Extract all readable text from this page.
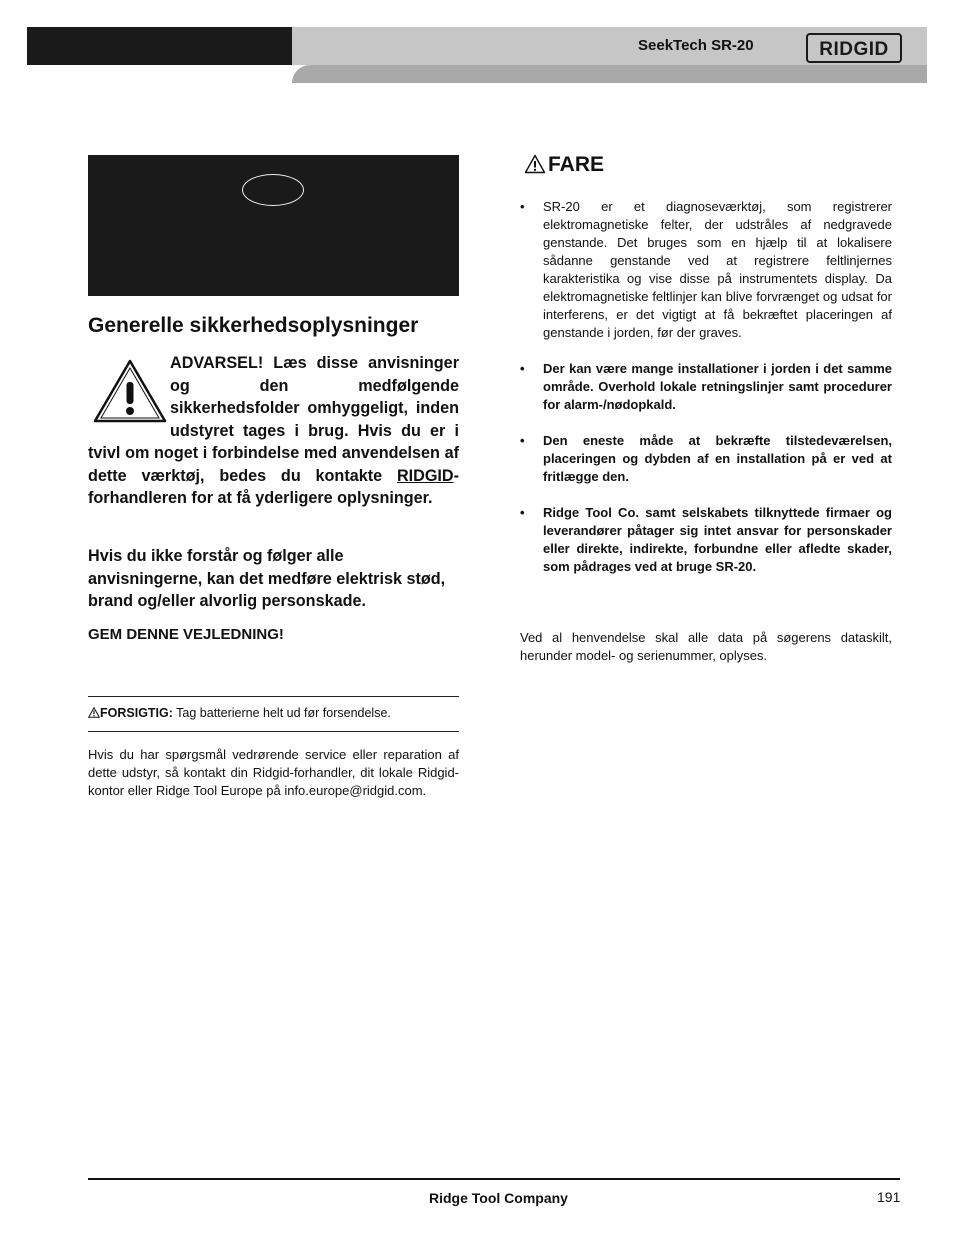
SeekTech SR-20	RIDGID
Generelle sikkerhedsoplysninger

ADVARSEL! Læs disse anvisninger og den medfølgende sikkerhedsfolder omhyggeligt, inden udstyret tages i brug. Hvis du er i tvivl om noget i forbindelse med anvendelsen af dette værktøj, bedes du kontakte RIDGID-forhandleren for at få yderligere oplysninger.

Hvis du ikke forstår og følger alle anvisningerne, kan det medføre elektrisk stød, brand og/eller alvorlig personskade.

GEM DENNE VEJLEDNING!

FORSIGTIG: Tag batterierne helt ud før forsendelse.

Hvis du har spørgsmål vedrørende service eller reparation af dette udstyr, så kontakt din Ridgid-forhandler, dit lokale Ridgid-kontor eller Ridge Tool Europe på info.europe@ridgid.com.

FARE
• SR-20 er et diagnoseværktøj, som registrerer elektromagnetiske felter, der udstråles af nedgravede genstande. Det bruges som en hjælp til at lokalisere sådanne genstande ved at registrere feltlinjernes karakteristika og vise disse på instrumentets display. Da elektromagnetiske feltlinjer kan blive forvrænget og udsat for interferens, er det vigtigt at få bekræftet placeringen af genstande i jorden, før der graves.
• Der kan være mange installationer i jorden i det samme område. Overhold lokale retningslinjer samt procedurer for alarm-/nødopkald.
• Den eneste måde at bekræfte tilstedeværelsen, placeringen og dybden af en installation på er ved at fritlægge den.
• Ridge Tool Co. samt selskabets tilknyttede firmaer og leverandører påtager sig intet ansvar for personskader eller direkte, indirekte, forbundne eller afledte skader, som pådrages ved at bruge SR-20.

Ved al henvendelse skal alle data på søgerens dataskilt, herunder model- og serienummer, oplyses.

Ridge Tool Company	191
